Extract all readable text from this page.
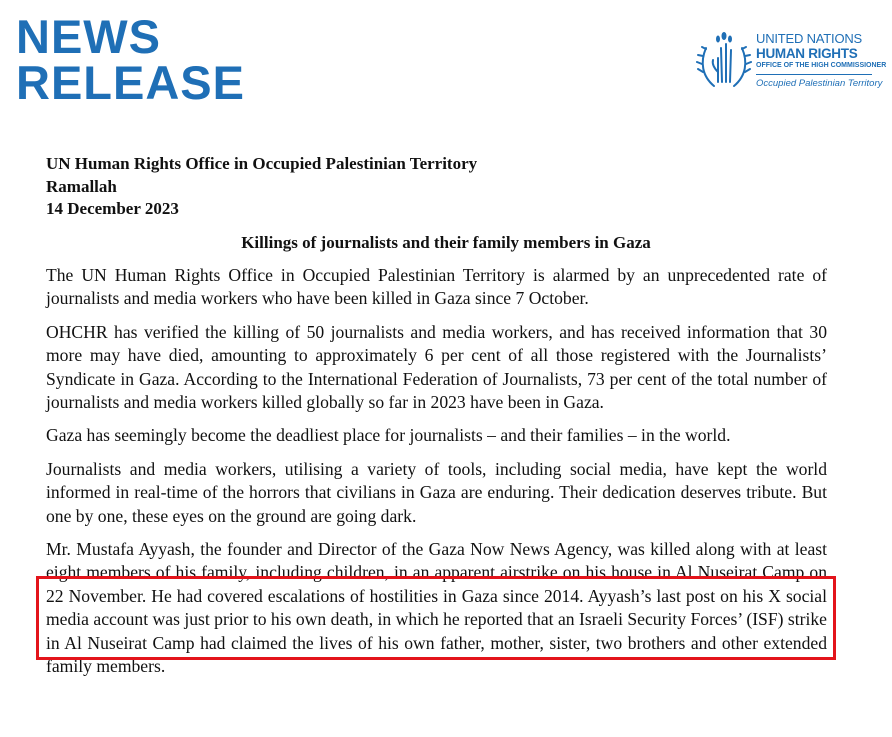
NEWS
RELEASE
UNITED NATIONS
HUMAN RIGHTS
OFFICE OF THE HIGH COMMISSIONER
Occupied Palestinian Territory
UN Human Rights Office in Occupied Palestinian Territory
Ramallah
14 December 2023
Killings of journalists and their family members in Gaza

The UN Human Rights Office in Occupied Palestinian Territory is alarmed by an unprecedented rate of journalists and media workers who have been killed in Gaza since 7 October.

OHCHR has verified the killing of 50 journalists and media workers, and has received information that 30 more may have died, amounting to approximately 6 per cent of all those registered with the Journalists’ Syndicate in Gaza. According to the International Federation of Journalists, 73 per cent of the total number of journalists and media workers killed globally so far in 2023 have been in Gaza.

Gaza has seemingly become the deadliest place for journalists – and their families – in the world.

Journalists and media workers, utilising a variety of tools, including social media, have kept the world informed in real-time of the horrors that civilians in Gaza are enduring. Their dedication deserves tribute. But one by one, these eyes on the ground are going dark.

Mr. Mustafa Ayyash, the founder and Director of the Gaza Now News Agency, was killed along with at least eight members of his family, including children, in an apparent airstrike on his house in Al Nuseirat Camp on 22 November. He had covered escalations of hostilities in Gaza since 2014. Ayyash’s last post on his X social media account was just prior to his own death, in which he reported that an Israeli Security Forces’ (ISF) strike in Al Nuseirat Camp had claimed the lives of his own father, mother, sister, two brothers and other extended family members.
